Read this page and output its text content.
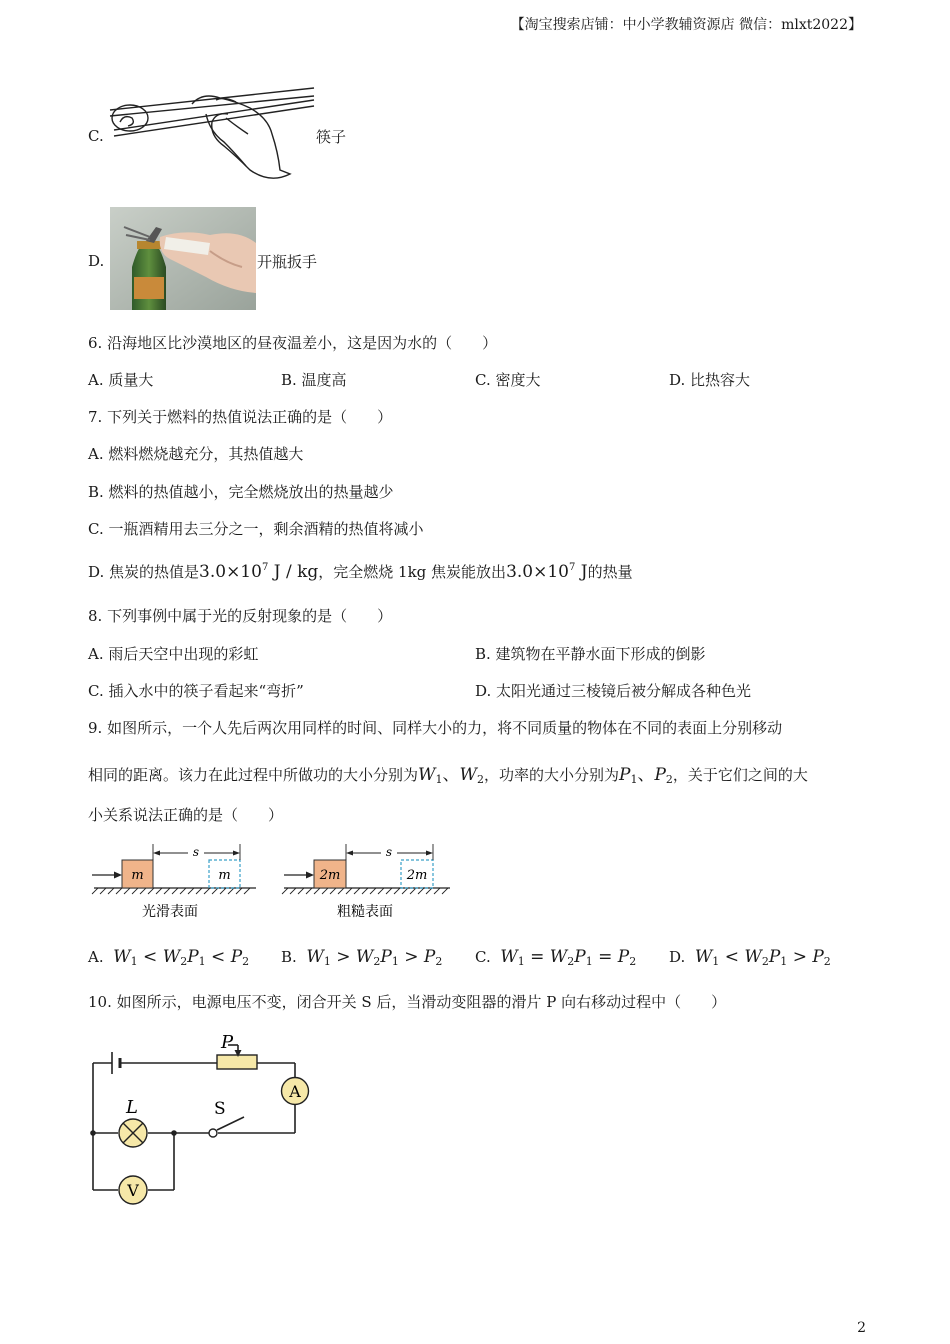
【淘宝搜索店铺：中小学教辅资源店 微信：mlxt2022】
C.	筷子
D.	开瓶扳手
6. 沿海地区比沙漠地区的昼夜温差小，这是因为水的（　　）
A. 质量大	B. 温度高	C. 密度大	D. 比热容大
7. 下列关于燃料的热值说法正确的是（　　）
A. 燃料燃烧越充分，其热值越大
B. 燃料的热值越小，完全燃烧放出的热量越少
C. 一瓶酒精用去三分之一，剩余酒精的热值将减小
D. 焦炭的热值是$3.0\times 10^7$ J / kg，完全燃烧 1kg 焦炭能放出$3.0\times 10^7$ J的热量
8. 下列事例中属于光的反射现象的是（　　）
A. 雨后天空中出现的彩虹	B. 建筑物在平静水面下形成的倒影
C. 插入水中的筷子看起来“弯折”	D. 太阳光通过三棱镜后被分解成各种色光
9. 如图所示，一个人先后两次用同样的时间、同样大小的力，将不同质量的物体在不同的表面上分别移动
相同的距离。该力在此过程中所做功的大小分别为$W_1$、$W_2$，功率的大小分别为$P_1$、$P_2$，关于它们之间的大
小关系说法正确的是（　　）
m	m
s
光滑表面
2m	2m
s
粗糙表面
A. $W_1 < W_2P_1 < P_2$ B. $W_1 > W_2P_1 > P_2$ C. $W_1 = W_2P_1 = P_2$ D. $W_1 < W_2P_1 > P_2$
10. 如图所示，电源电压不变，闭合开关 S 后，当滑动变阻器的滑片 P 向右移动过程中（　　）
P
L	S
A
V
2
